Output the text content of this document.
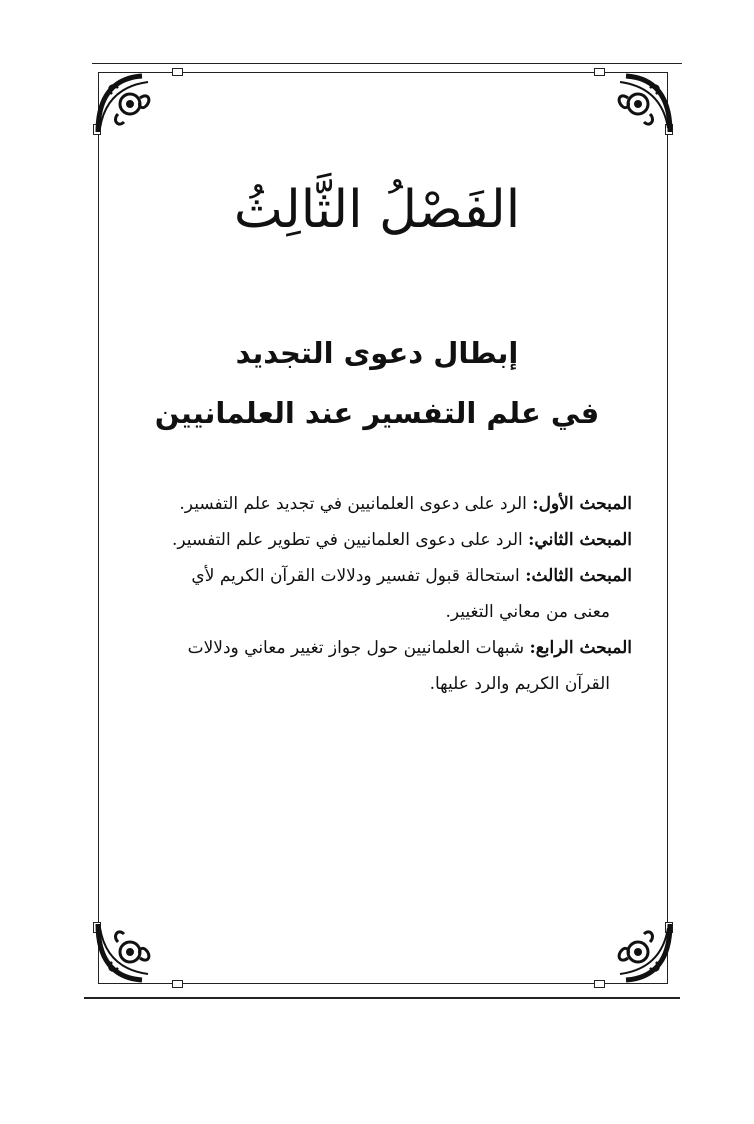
الفَصْلُ الثَّالِثُ
إبطال دعوى التجديد
في علم التفسير عند العلمانيين
المبحث الأول: الرد على دعوى العلمانيين في تجديد علم التفسير.
المبحث الثاني: الرد على دعوى العلمانيين في تطوير علم التفسير.
المبحث الثالث: استحالة قبول تفسير ودلالات القرآن الكريم لأي
معنى من معاني التغيير.
المبحث الرابع: شبهات العلمانيين حول جواز تغيير معاني ودلالات
القرآن الكريم والرد عليها.
